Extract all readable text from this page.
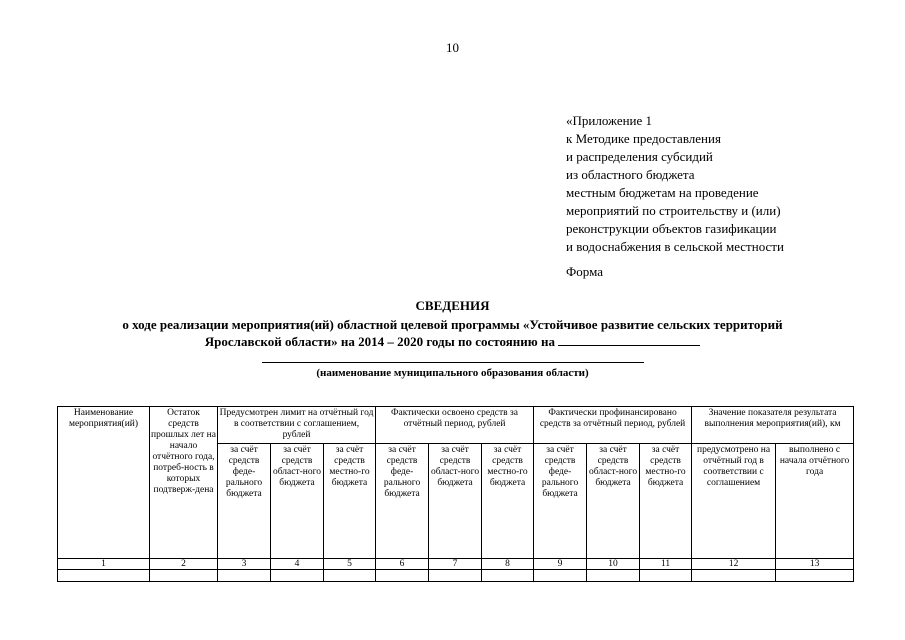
10
«Приложение 1
к Методике предоставления
и распределения субсидий
из областного бюджета
местным бюджетам на проведение
мероприятий по строительству и (или)
реконструкции объектов газификации
и водоснабжения в сельской местности
Форма
СВЕДЕНИЯ
о ходе реализации мероприятия(ий) областной целевой программы «Устойчивое развитие сельских территорий
Ярославской области» на 2014 – 2020 годы по состоянию на
(наименование муниципального образования области)
Наименование мероприятия(ий)	Остаток средств прошлых лет на начало отчётного года, потреб-ность в которых подтверж-дена	Предусмотрен лимит на отчётный год в соответствии с соглашением, рублей			Фактически освоено средств за отчётный период, рублей			Фактически профинансировано средств за отчётный период, рублей			Значение показателя результата выполнения мероприятия(ий), км	
		за счёт средств феде-рального бюджета	за счёт средств област-ного бюджета	за счёт средств местно-го бюджета	за счёт средств феде-рального бюджета	за счёт средств област-ного бюджета	за счёт средств местно-го бюджета	за счёт средств феде-рального бюджета	за счёт средств област-ного бюджета	за счёт средств местно-го бюджета	предусмотрено на отчётный год в соответствии с соглашением	выполнено с начала отчётного года
1	2	3	4	5	6	7	8	9	10	11	12	13
